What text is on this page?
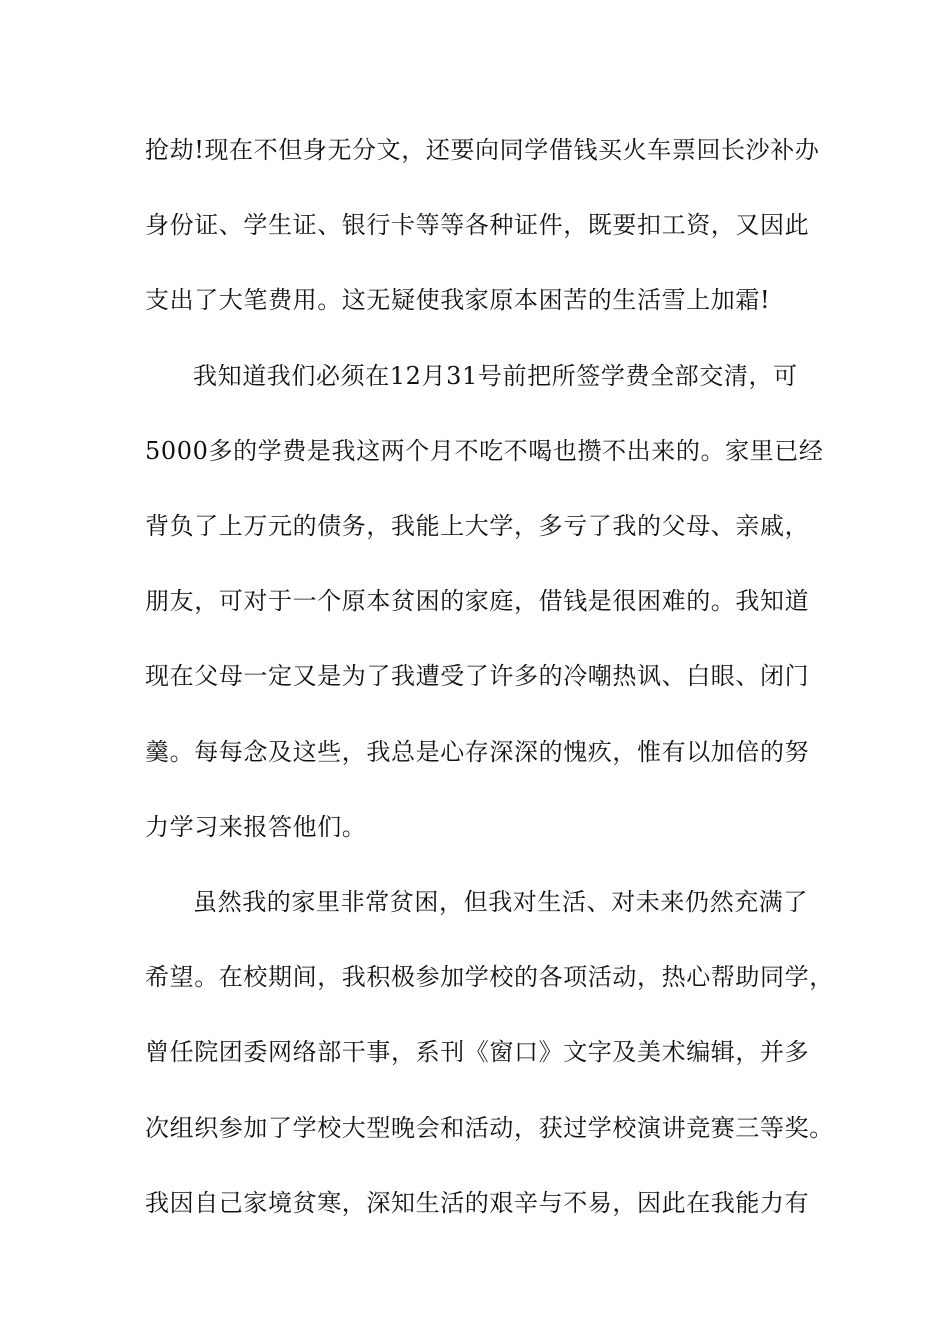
抢劫!现在不但身无分文，还要向同学借钱买火车票回长沙补办
身份证、学生证、银行卡等等各种证件，既要扣工资，又因此
支出了大笔费用。这无疑使我家原本困苦的生活雪上加霜!
我知道我们必须在12月31号前把所签学费全部交清，可
5000多的学费是我这两个月不吃不喝也攒不出来的。家里已经
背负了上万元的债务，我能上大学，多亏了我的父母、亲戚，
朋友，可对于一个原本贫困的家庭，借钱是很困难的。我知道
现在父母一定又是为了我遭受了许多的冷嘲热讽、白眼、闭门
羹。每每念及这些，我总是心存深深的愧疚，惟有以加倍的努
力学习来报答他们。
虽然我的家里非常贫困，但我对生活、对未来仍然充满了
希望。在校期间，我积极参加学校的各项活动，热心帮助同学，
曾任院团委网络部干事，系刊《窗口》文字及美术编辑，并多
次组织参加了学校大型晚会和活动，获过学校演讲竞赛三等奖。
我因自己家境贫寒，深知生活的艰辛与不易，因此在我能力有
